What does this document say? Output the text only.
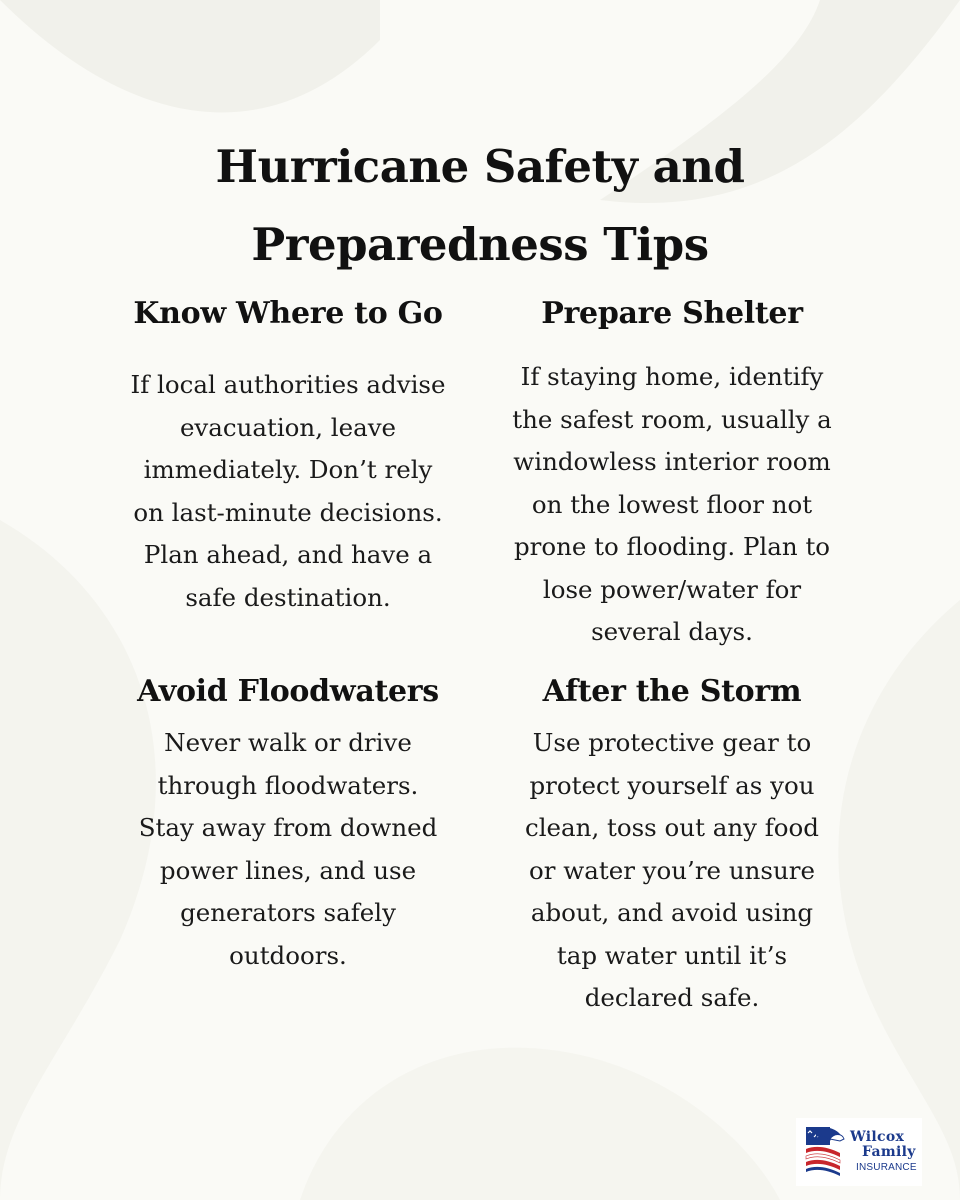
Hurricane Safety and
Preparedness Tips
Know Where to Go

If local authorities advise
evacuation, leave
immediately. Don’t rely
on last-minute decisions.
Plan ahead, and have a
safe destination.

Prepare Shelter

If staying home, identify
the safest room, usually a
windowless interior room
on the lowest floor not
prone to flooding. Plan to
lose power/water for
several days.

Avoid Floodwaters

Never walk or drive
through floodwaters.
Stay away from downed
power lines, and use
generators safely
outdoors.

After the Storm

Use protective gear to
protect yourself as you
clean, toss out any food
or water you’re unsure
about, and avoid using
tap water until it’s
declared safe.

Wilcox
Family
INSURANCE
